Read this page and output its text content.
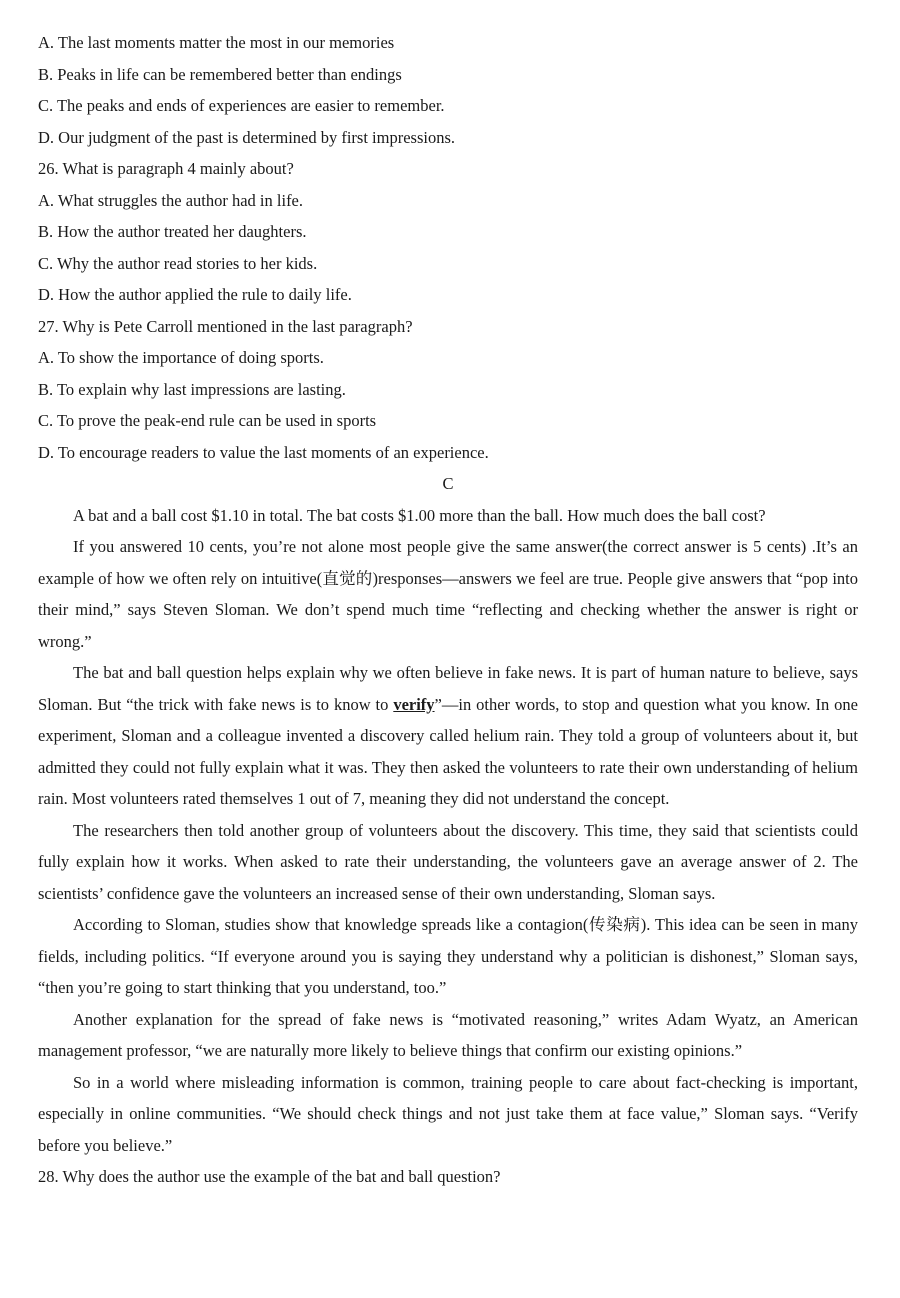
A. The last moments matter the most in our memories

B. Peaks in life can be remembered better than endings

C. The peaks and ends of experiences are easier to remember.

D. Our judgment of the past is determined by first impressions.

26. What is paragraph 4 mainly about?

A. What struggles the author had in life.

B. How the author treated her daughters.

C. Why the author read stories to her kids.

D. How the author applied the rule to daily life.

27. Why is Pete Carroll mentioned in the last paragraph?

A. To show the importance of doing sports.

B. To explain why last impressions are lasting.

C. To prove the peak-end rule can be used in sports

D. To encourage readers to value the last moments of an experience.

C

A bat and a ball cost $1.10 in total. The bat costs $1.00 more than the ball. How much does the ball cost?

If you answered 10 cents, you’re not alone most people give the same answer(the correct answer is 5 cents) .It’s an example of how we often rely on intuitive(直觉的)responses—answers we feel are true. People give answers that “pop into their mind,” says Steven Sloman. We don’t spend much time “reflecting and checking whether the answer is right or wrong.”

The bat and ball question helps explain why we often believe in fake news. It is part of human nature to believe, says Sloman. But “the trick with fake news is to know to verify”—in other words, to stop and question what you know. In one experiment, Sloman and a colleague invented a discovery called helium rain. They told a group of volunteers about it, but admitted they could not fully explain what it was. They then asked the volunteers to rate their own understanding of helium rain. Most volunteers rated themselves 1 out of 7, meaning they did not understand the concept.

The researchers then told another group of volunteers about the discovery. This time, they said that scientists could fully explain how it works. When asked to rate their understanding, the volunteers gave an average answer of 2. The scientists’ confidence gave the volunteers an increased sense of their own understanding, Sloman says.

According to Sloman, studies show that knowledge spreads like a contagion(传染病). This idea can be seen in many fields, including politics. “If everyone around you is saying they understand why a politician is dishonest,” Sloman says, “then you’re going to start thinking that you understand, too.”

Another explanation for the spread of fake news is “motivated reasoning,” writes Adam Wyatz, an American management professor, “we are naturally more likely to believe things that confirm our existing opinions.”

So in a world where misleading information is common, training people to care about fact-checking is important, especially in online communities. “We should check things and not just take them at face value,” Sloman says. “Verify before you believe.”

28. Why does the author use the example of the bat and ball question?
